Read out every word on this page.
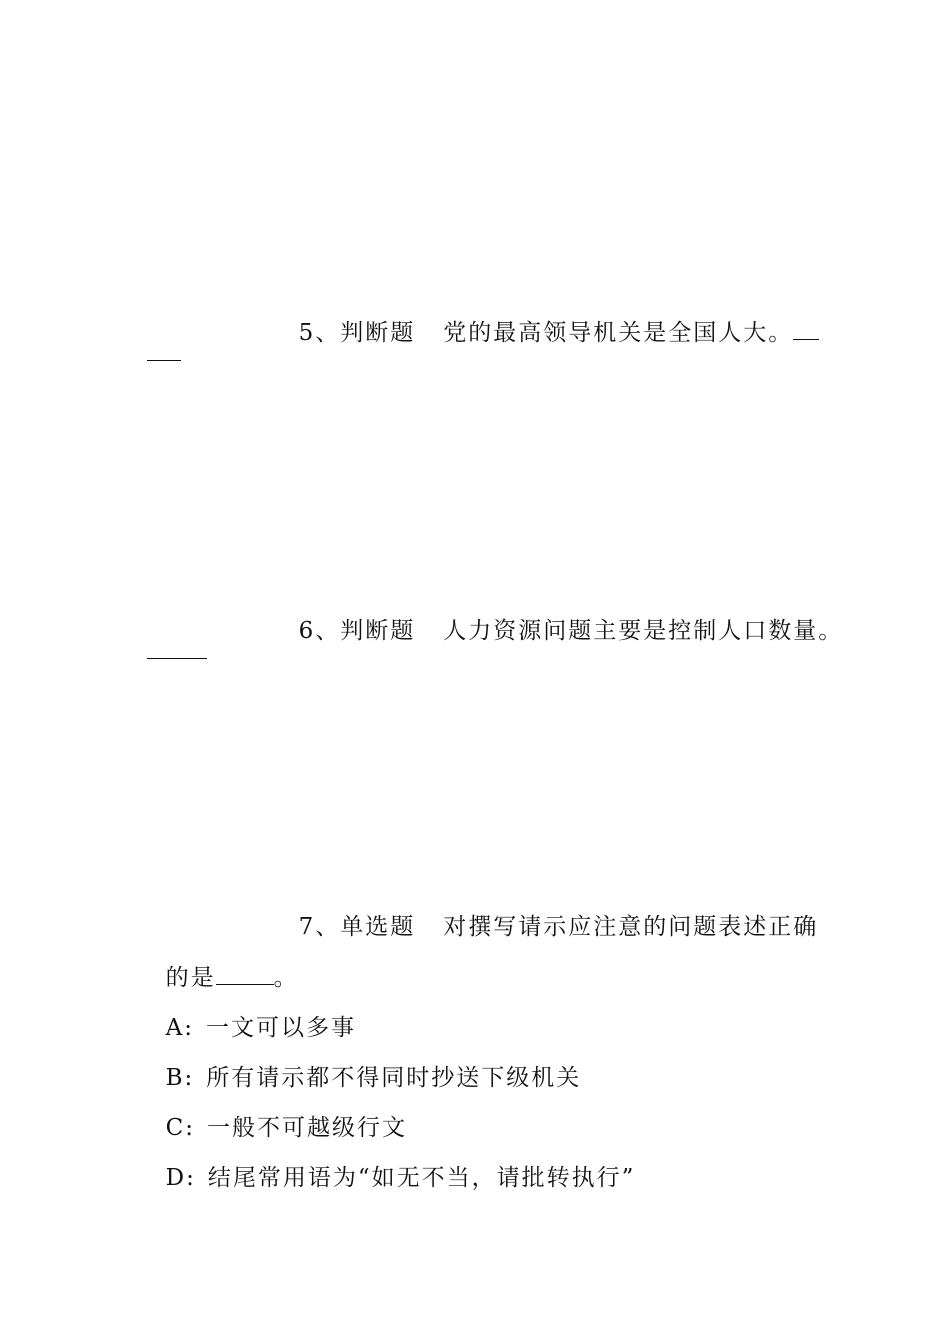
5、判断题 党的最高领导机关是全国人大。

6、判断题 人力资源问题主要是控制人口数量。

7、单选题 对撰写请示应注意的问题表述正确

的是	。

A: 一文可以多事

B: 所有请示都不得同时抄送下级机关

C: 一般不可越级行文

D: 结尾常用语为“如无不当，请批转执行”
